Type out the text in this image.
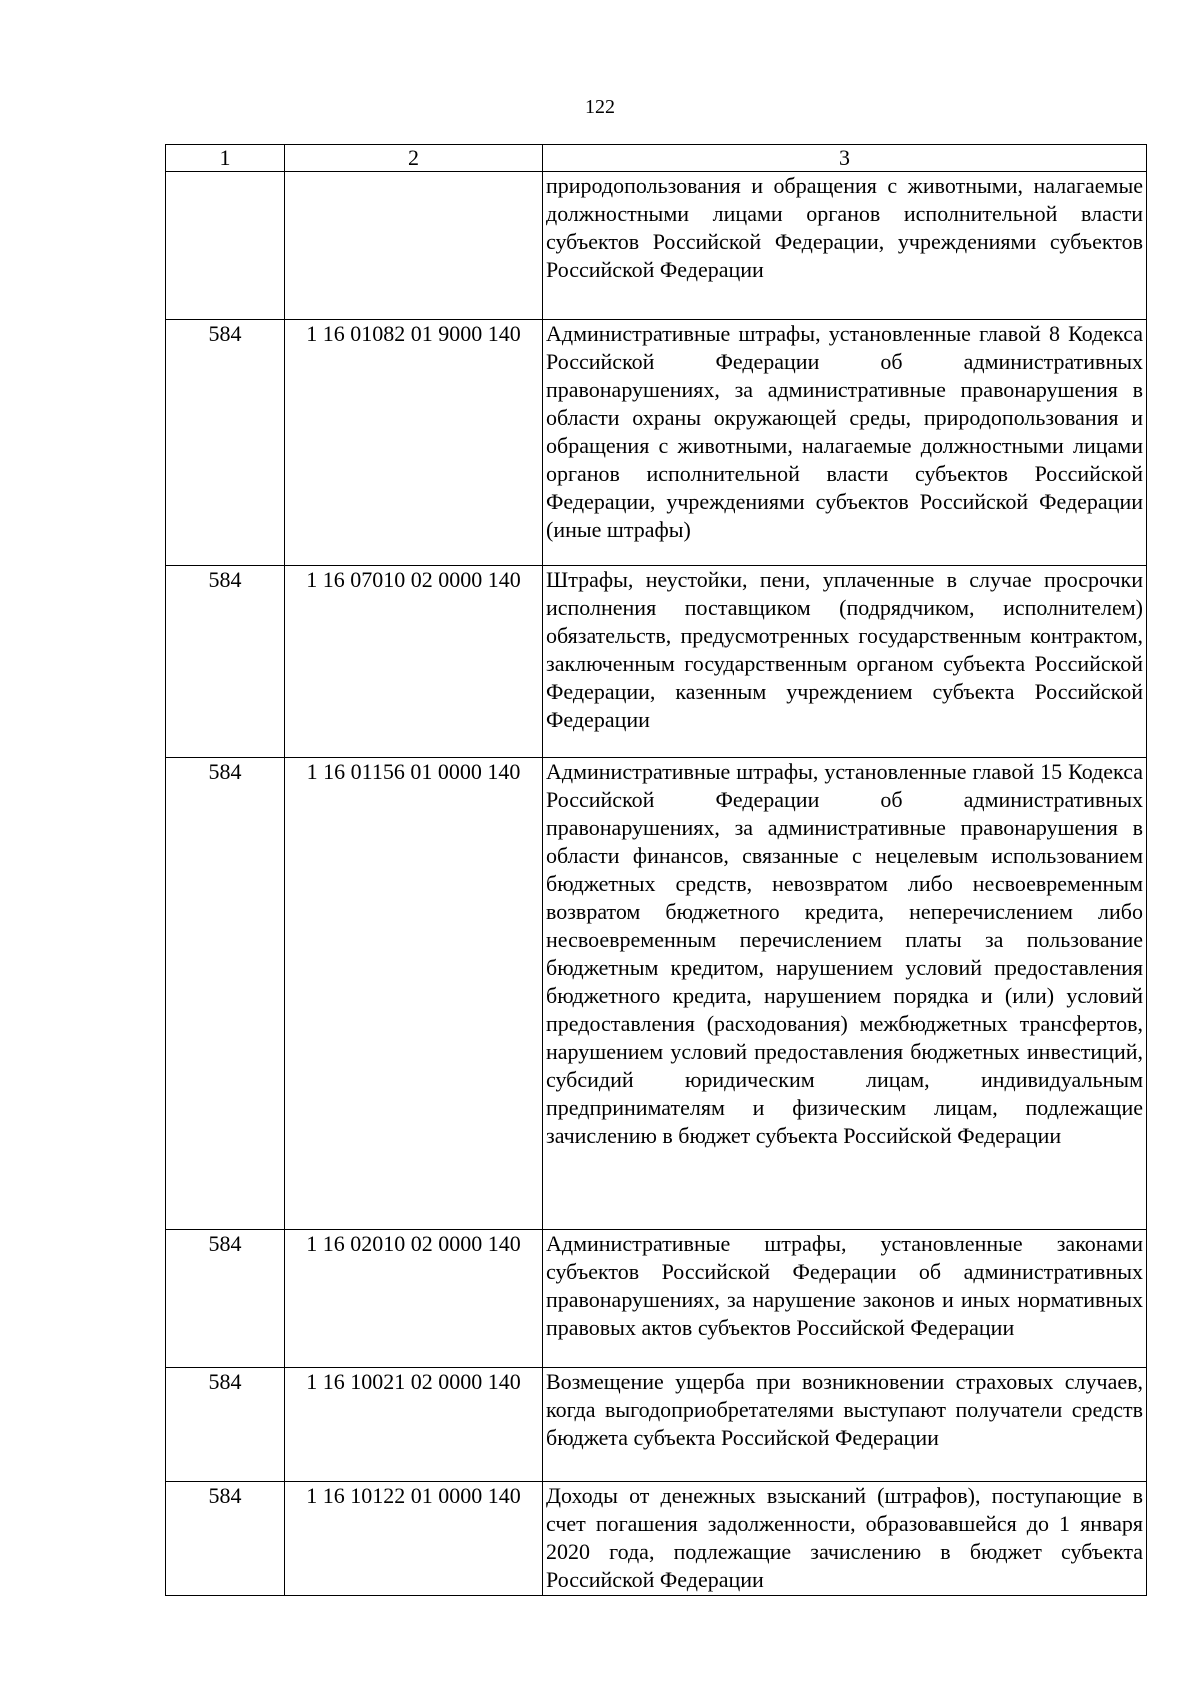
122
1	2	3
		природопользования и обращения с животными, налагаемые должностными лицами органов исполнительной власти субъектов Российской Федерации, учреждениями субъектов Российской Федерации
584	1 16 01082 01 9000 140	Административные штрафы, установленные главой 8 Кодекса Российской Федерации об административных правонарушениях, за административные правонарушения в области охраны окружающей среды, природопользования и обращения с животными, налагаемые должностными лицами органов исполнительной власти субъектов Российской Федерации, учреждениями субъектов Российской Федерации (иные штрафы)
584	1 16 07010 02 0000 140	Штрафы, неустойки, пени, уплаченные в случае просрочки исполнения поставщиком (подрядчиком, исполнителем) обязательств, предусмотренных государственным контрактом, заключенным государственным органом субъекта Российской Федерации, казенным учреждением субъекта Российской Федерации
584	1 16 01156 01 0000 140	Административные штрафы, установленные главой 15 Кодекса Российской Федерации об административных правонарушениях, за административные правонарушения в области финансов, связанные с нецелевым использованием бюджетных средств, невозвратом либо несвоевременным возвратом бюджетного кредита, неперечислением либо несвоевременным перечислением платы за пользование бюджетным кредитом, нарушением условий предоставления бюджетного кредита, нарушением порядка и (или) условий предоставления (расходования) межбюджетных трансфертов, нарушением условий предоставления бюджетных инвестиций, субсидий юридическим лицам, индивидуальным предпринимателям и физическим лицам, подлежащие зачислению в бюджет субъекта Российской Федерации
584	1 16 02010 02 0000 140	Административные штрафы, установленные законами субъектов Российской Федерации об административных правонарушениях, за нарушение законов и иных нормативных правовых актов субъектов Российской Федерации
584	1 16 10021 02 0000 140	Возмещение ущерба при возникновении страховых случаев, когда выгодоприобретателями выступают получатели средств бюджета субъекта Российской Федерации
584	1 16 10122 01 0000 140	Доходы от денежных взысканий (штрафов), поступающие в счет погашения задолженности, образовавшейся до 1 января 2020 года, подлежащие зачислению в бюджет субъекта Российской Федерации
